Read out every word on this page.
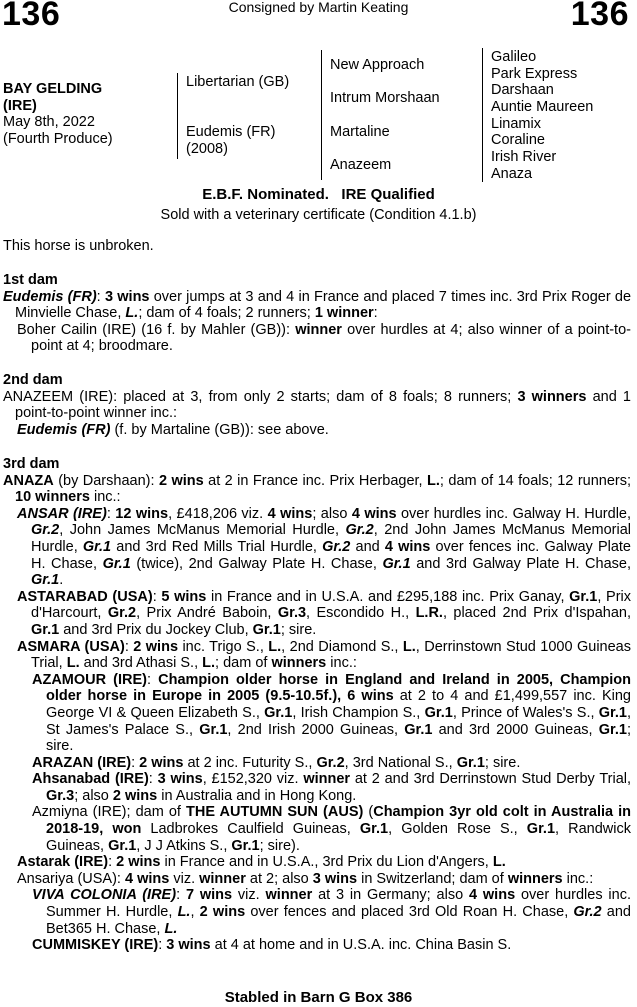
136	Consigned by Martin Keating	136
BAY GELDING
(IRE)
May 8th, 2022
(Fourth Produce)
Libertarian (GB)
Eudemis (FR)
(2008)
New Approach
Intrum Morshaan
Martaline
Anazeem
Galileo
Park Express
Darshaan
Auntie Maureen
Linamix
Coraline
Irish River
Anaza
E.B.F. Nominated.   IRE Qualified
Sold with a veterinary certificate (Condition 4.1.b)
This horse is unbroken.
1st dam
Eudemis (FR): 3 wins over jumps at 3 and 4 in France and placed 7 times inc. 3rd Prix Roger de Minvielle Chase, L.; dam of 4 foals; 2 runners; 1 winner:
Boher Cailin (IRE) (16 f. by Mahler (GB)): winner over hurdles at 4; also winner of a point-to-point at 4; broodmare.
2nd dam
ANAZEEM (IRE): placed at 3, from only 2 starts; dam of 8 foals; 8 runners; 3 winners and 1 point-to-point winner inc.:
Eudemis (FR) (f. by Martaline (GB)): see above.
3rd dam
ANAZA (by Darshaan): 2 wins at 2 in France inc. Prix Herbager, L.; dam of 14 foals; 12 runners; 10 winners inc.:
ANSAR (IRE): 12 wins, £418,206 viz. 4 wins; also 4 wins over hurdles inc. Galway H. Hurdle, Gr.2, John James McManus Memorial Hurdle, Gr.2, 2nd John James McManus Memorial Hurdle, Gr.1 and 3rd Red Mills Trial Hurdle, Gr.2 and 4 wins over fences inc. Galway Plate H. Chase, Gr.1 (twice), 2nd Galway Plate H. Chase, Gr.1 and 3rd Galway Plate H. Chase, Gr.1.
ASTARABAD (USA): 5 wins in France and in U.S.A. and £295,188 inc. Prix Ganay, Gr.1, Prix d'Harcourt, Gr.2, Prix André Baboin, Gr.3, Escondido H., L.R., placed 2nd Prix d'Ispahan, Gr.1 and 3rd Prix du Jockey Club, Gr.1; sire.
ASMARA (USA): 2 wins inc. Trigo S., L., 2nd Diamond S., L., Derrinstown Stud 1000 Guineas Trial, L. and 3rd Athasi S., L.; dam of winners inc.:
AZAMOUR (IRE): Champion older horse in England and Ireland in 2005, Champion older horse in Europe in 2005 (9.5-10.5f.), 6 wins at 2 to 4 and £1,499,557 inc. King George VI & Queen Elizabeth S., Gr.1, Irish Champion S., Gr.1, Prince of Wales's S., Gr.1, St James's Palace S., Gr.1, 2nd Irish 2000 Guineas, Gr.1 and 3rd 2000 Guineas, Gr.1; sire.
ARAZAN (IRE): 2 wins at 2 inc. Futurity S., Gr.2, 3rd National S., Gr.1; sire.
Ahsanabad (IRE): 3 wins, £152,320 viz. winner at 2 and 3rd Derrinstown Stud Derby Trial, Gr.3; also 2 wins in Australia and in Hong Kong.
Azmiyna (IRE); dam of THE AUTUMN SUN (AUS) (Champion 3yr old colt in Australia in 2018-19, won Ladbrokes Caulfield Guineas, Gr.1, Golden Rose S., Gr.1, Randwick Guineas, Gr.1, J J Atkins S., Gr.1; sire).
Astarak (IRE): 2 wins in France and in U.S.A., 3rd Prix du Lion d'Angers, L.
Ansariya (USA): 4 wins viz. winner at 2; also 3 wins in Switzerland; dam of winners inc.:
VIVA COLONIA (IRE): 7 wins viz. winner at 3 in Germany; also 4 wins over hurdles inc. Summer H. Hurdle, L., 2 wins over fences and placed 3rd Old Roan H. Chase, Gr.2 and Bet365 H. Chase, L.
CUMMISKEY (IRE): 3 wins at 4 at home and in U.S.A. inc. China Basin S.
Stabled in Barn G Box 386
